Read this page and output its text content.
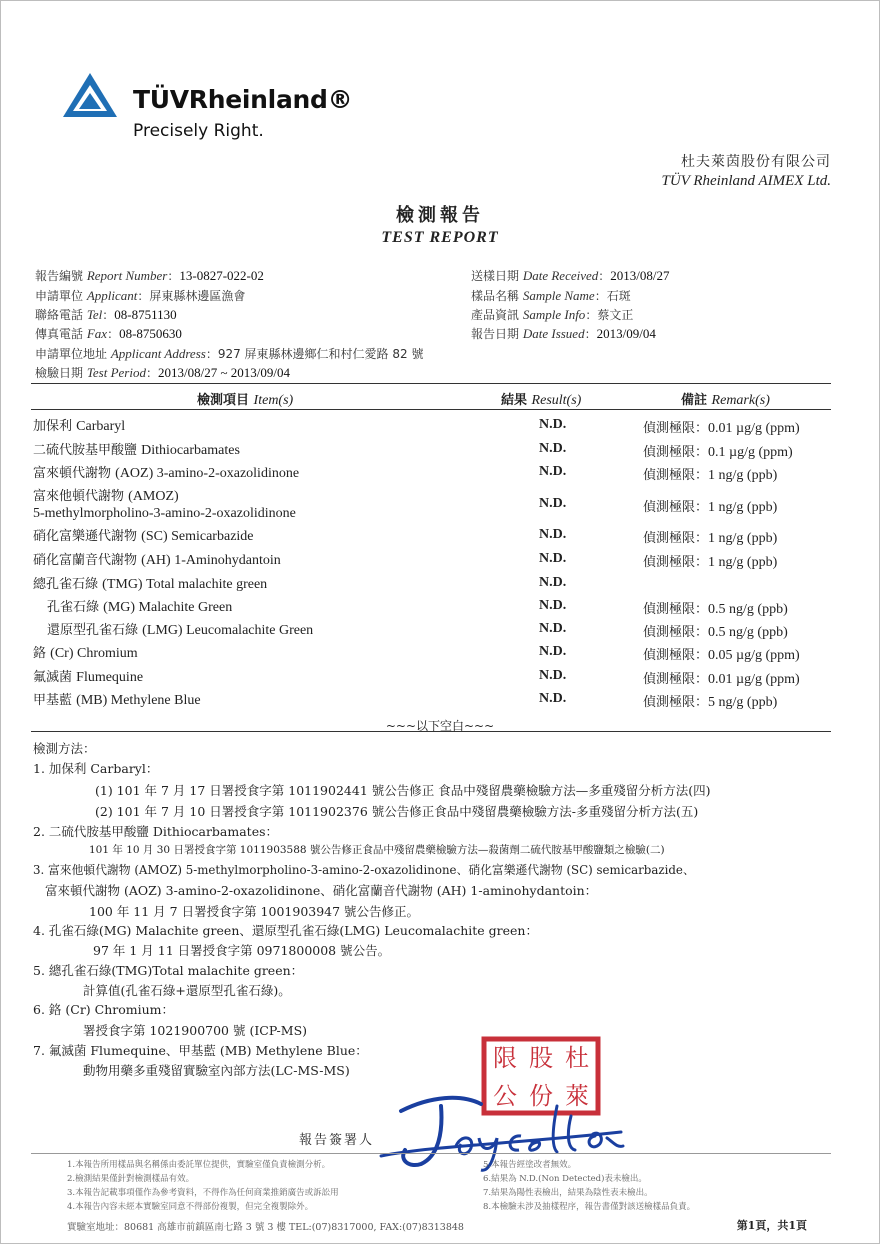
TÜVRheinland®
Precisely Right.
杜夫萊茵股份有限公司
TÜV Rheinland AIMEX Ltd.
檢測報告
TEST REPORT
報告編號 Report Number：13-0827-022-02
申請單位 Applicant：屏東縣林邊區漁會
聯絡電話 Tel：08-8751130
傳真電話 Fax：08-8750630
申請單位地址 Applicant Address：927 屏東縣林邊鄉仁和村仁愛路 82 號
檢驗日期 Test Period：2013/08/27 ~ 2013/09/04
送樣日期 Date Received：2013/08/27
樣品名稱 Sample Name：石斑
產品資訊 Sample Info：蔡文正
報告日期 Date Issued：2013/09/04
檢測項目 Item(s)	結果 Result(s)	備註 Remark(s)
加保利 Carbaryl	N.D.	偵測極限：0.01 µg/g (ppm)
二硫代胺基甲酸鹽 Dithiocarbamates	N.D.	偵測極限：0.1 µg/g (ppm)
富來頓代謝物 (AOZ) 3-amino-2-oxazolidinone	N.D.	偵測極限：1 ng/g (ppb)
富來他頓代謝物 (AMOZ)
5-methylmorpholino-3-amino-2-oxazolidinone
N.D.	偵測極限：1 ng/g (ppb)
硝化富樂遜代謝物 (SC) Semicarbazide	N.D.	偵測極限：1 ng/g (ppb)
硝化富蘭音代謝物 (AH) 1-Aminohydantoin	N.D.	偵測極限：1 ng/g (ppb)
總孔雀石綠 (TMG) Total malachite green	N.D.
孔雀石綠 (MG) Malachite Green	N.D.	偵測極限：0.5 ng/g (ppb)
還原型孔雀石綠 (LMG) Leucomalachite Green	N.D.	偵測極限：0.5 ng/g (ppb)
鉻 (Cr) Chromium	N.D.	偵測極限：0.05 µg/g (ppm)
氟滅菌 Flumequine	N.D.	偵測極限：0.01 µg/g (ppm)
甲基藍 (MB) Methylene Blue	N.D.	偵測極限：5 ng/g (ppb)
~~~以下空白~~~
檢測方法：
1. 加保利 Carbaryl：
(1) 101 年 7 月 17 日署授食字第 1011902441 號公告修正 食品中殘留農藥檢驗方法—多重殘留分析方法(四)
(2) 101 年 7 月 10 日署授食字第 1011902376 號公告修正食品中殘留農藥檢驗方法-多重殘留分析方法(五)
2. 二硫代胺基甲酸鹽 Dithiocarbamates：
101 年 10 月 30 日署授食字第 1011903588 號公告修正食品中殘留農藥檢驗方法—殺菌劑二硫代胺基甲酸鹽類之檢驗(二)
3. 富來他頓代謝物 (AMOZ) 5-methylmorpholino-3-amino-2-oxazolidinone、硝化富樂遜代謝物 (SC) semicarbazide、
富來頓代謝物 (AOZ) 3-amino-2-oxazolidinone、硝化富蘭音代謝物 (AH) 1-aminohydantoin：
100 年 11 月 7 日署授食字第 1001903947 號公告修正。
4. 孔雀石綠(MG) Malachite green、還原型孔雀石綠(LMG) Leucomalachite green：
97 年 1 月 11 日署授食字第 0971800008 號公告。
5. 總孔雀石綠(TMG)Total malachite green：
計算值(孔雀石綠+還原型孔雀石綠)。
6. 鉻 (Cr) Chromium：
署授食字第 1021900700 號 (ICP-MS)
7. 氟滅菌 Flumequine、甲基藍 (MB) Methylene Blue：
動物用藥多重殘留實驗室內部方法(LC-MS-MS)	杜
股
限
萊
份
公
報告簽署人
1.本報告所用樣品與名稱係由委託單位提供，實驗室僅負責檢測分析。
2.檢測結果僅針對檢測樣品有效。
3.本報告記載事項僅作為參考資料，不得作為任何商業推銷廣告或訴訟用
4.本報告內容未經本實驗室同意不得部份複製，但完全複製除外。
5.本報告經塗改者無效。
6.結果為 N.D.(Non Detected)表未檢出。
7.結果為陽性表檢出，結果為陰性表未檢出。
8.本檢驗未涉及抽樣程序，報告書僅對該送檢樣品負責。
實驗室地址：80681 高雄市前鎮區南七路 3 號 3 樓 TEL:(07)8317000, FAX:(07)8313848	第1頁，共1頁
